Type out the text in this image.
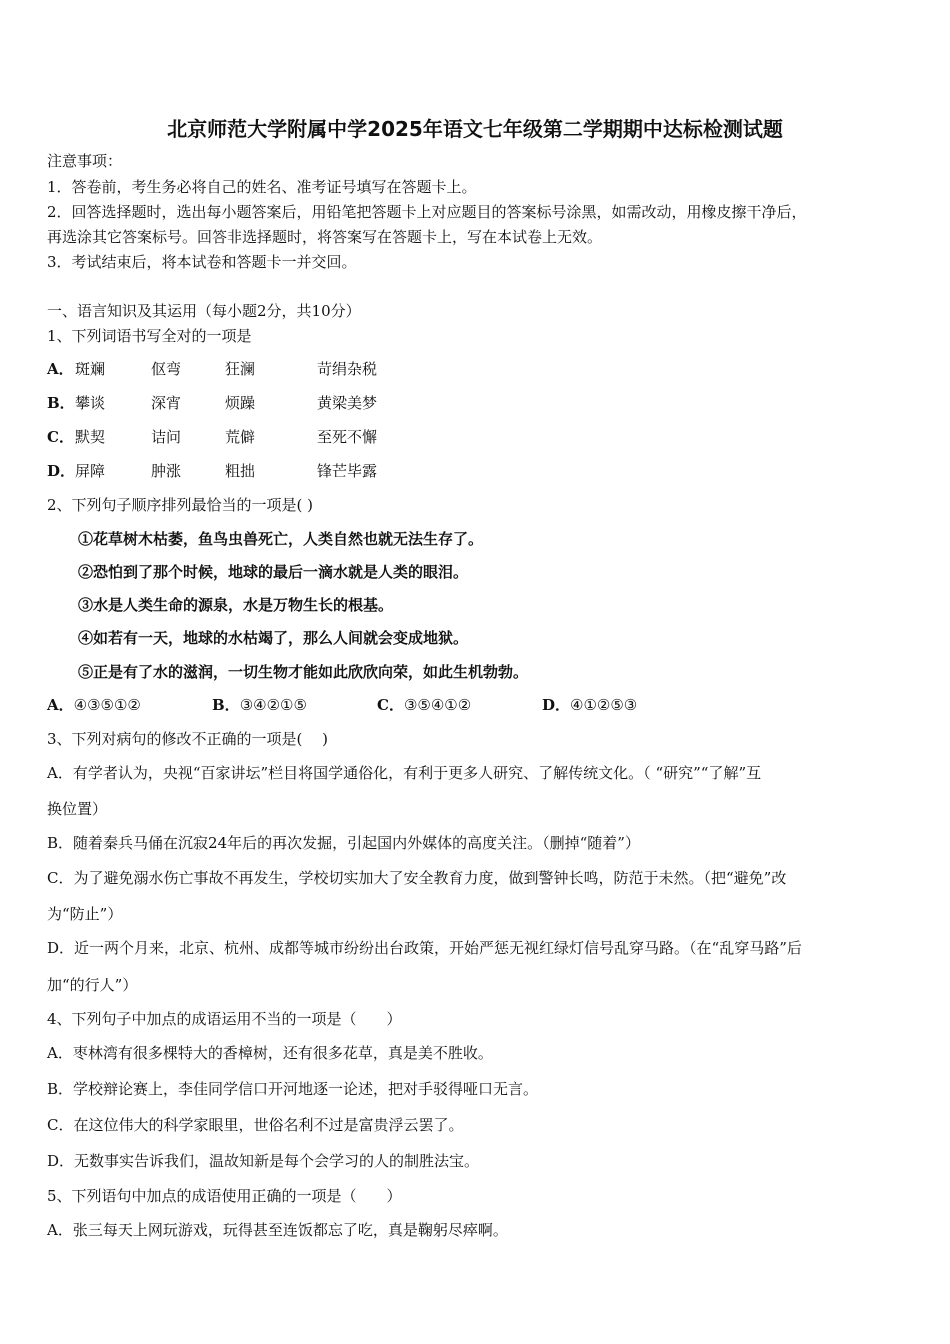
北京师范大学附属中学2025年语文七年级第二学期期中达标检测试题
注意事项：
1．答卷前，考生务必将自己的姓名、准考证号填写在答题卡上。
2．回答选择题时，选出每小题答案后，用铅笔把答题卡上对应题目的答案标号涂黑，如需改动，用橡皮擦干净后，
再选涂其它答案标号。回答非选择题时，将答案写在答题卡上，写在本试卷上无效。
3．考试结束后，将本试卷和答题卡一并交回。
一、语言知识及其运用（每小题2分，共10分）
1、下列词语书写全对的一项是
A．斑斓	伛弯	狂澜	苛绢杂税
B．攀谈	深宵	烦躁	黄梁美梦
C．默契	诘问	荒僻	至死不懈
D．屏障	肿涨	粗拙	锋芒毕露
2、下列句子顺序排列最恰当的一项是( )
①花草树木枯萎，鱼鸟虫兽死亡，人类自然也就无法生存了。
②恐怕到了那个时候，地球的最后一滴水就是人类的眼泪。
③水是人类生命的源泉，水是万物生长的根基。
④如若有一天，地球的水枯竭了，那么人间就会变成地狱。
⑤正是有了水的滋润，一切生物才能如此欣欣向荣，如此生机勃勃。
A．④③⑤①②	B．③④②①⑤	C．③⑤④①②	D．④①②⑤③
3、下列对病句的修改不正确的一项是(　 )
A．有学者认为，央视“百家讲坛”栏目将国学通俗化，有利于更多人研究、了解传统文化。（ “研究”“了解”互
换位置）
B．随着秦兵马俑在沉寂24年后的再次发掘，引起国内外媒体的高度关注。（删掉“随着”）
C．为了避免溺水伤亡事故不再发生，学校切实加大了安全教育力度，做到警钟长鸣，防范于未然。（把“避免”改
为“防止”）
D．近一两个月来，北京、杭州、成都等城市纷纷出台政策，开始严惩无视红绿灯信号乱穿马路。（在“乱穿马路”后
加“的行人”）
4、下列句子中加点的成语运用不当的一项是（　　）
A．枣林湾有很多棵特大的香樟树，还有很多花草，真是美不胜收。
B．学校辩论赛上，李佳同学信口开河地逐一论述，把对手驳得哑口无言。
C．在这位伟大的科学家眼里，世俗名利不过是富贵浮云罢了。
D．无数事实告诉我们，温故知新是每个会学习的人的制胜法宝。
5、下列语句中加点的成语使用正确的一项是（　　）
A．张三每天上网玩游戏，玩得甚至连饭都忘了吃，真是鞠躬尽瘁啊。
